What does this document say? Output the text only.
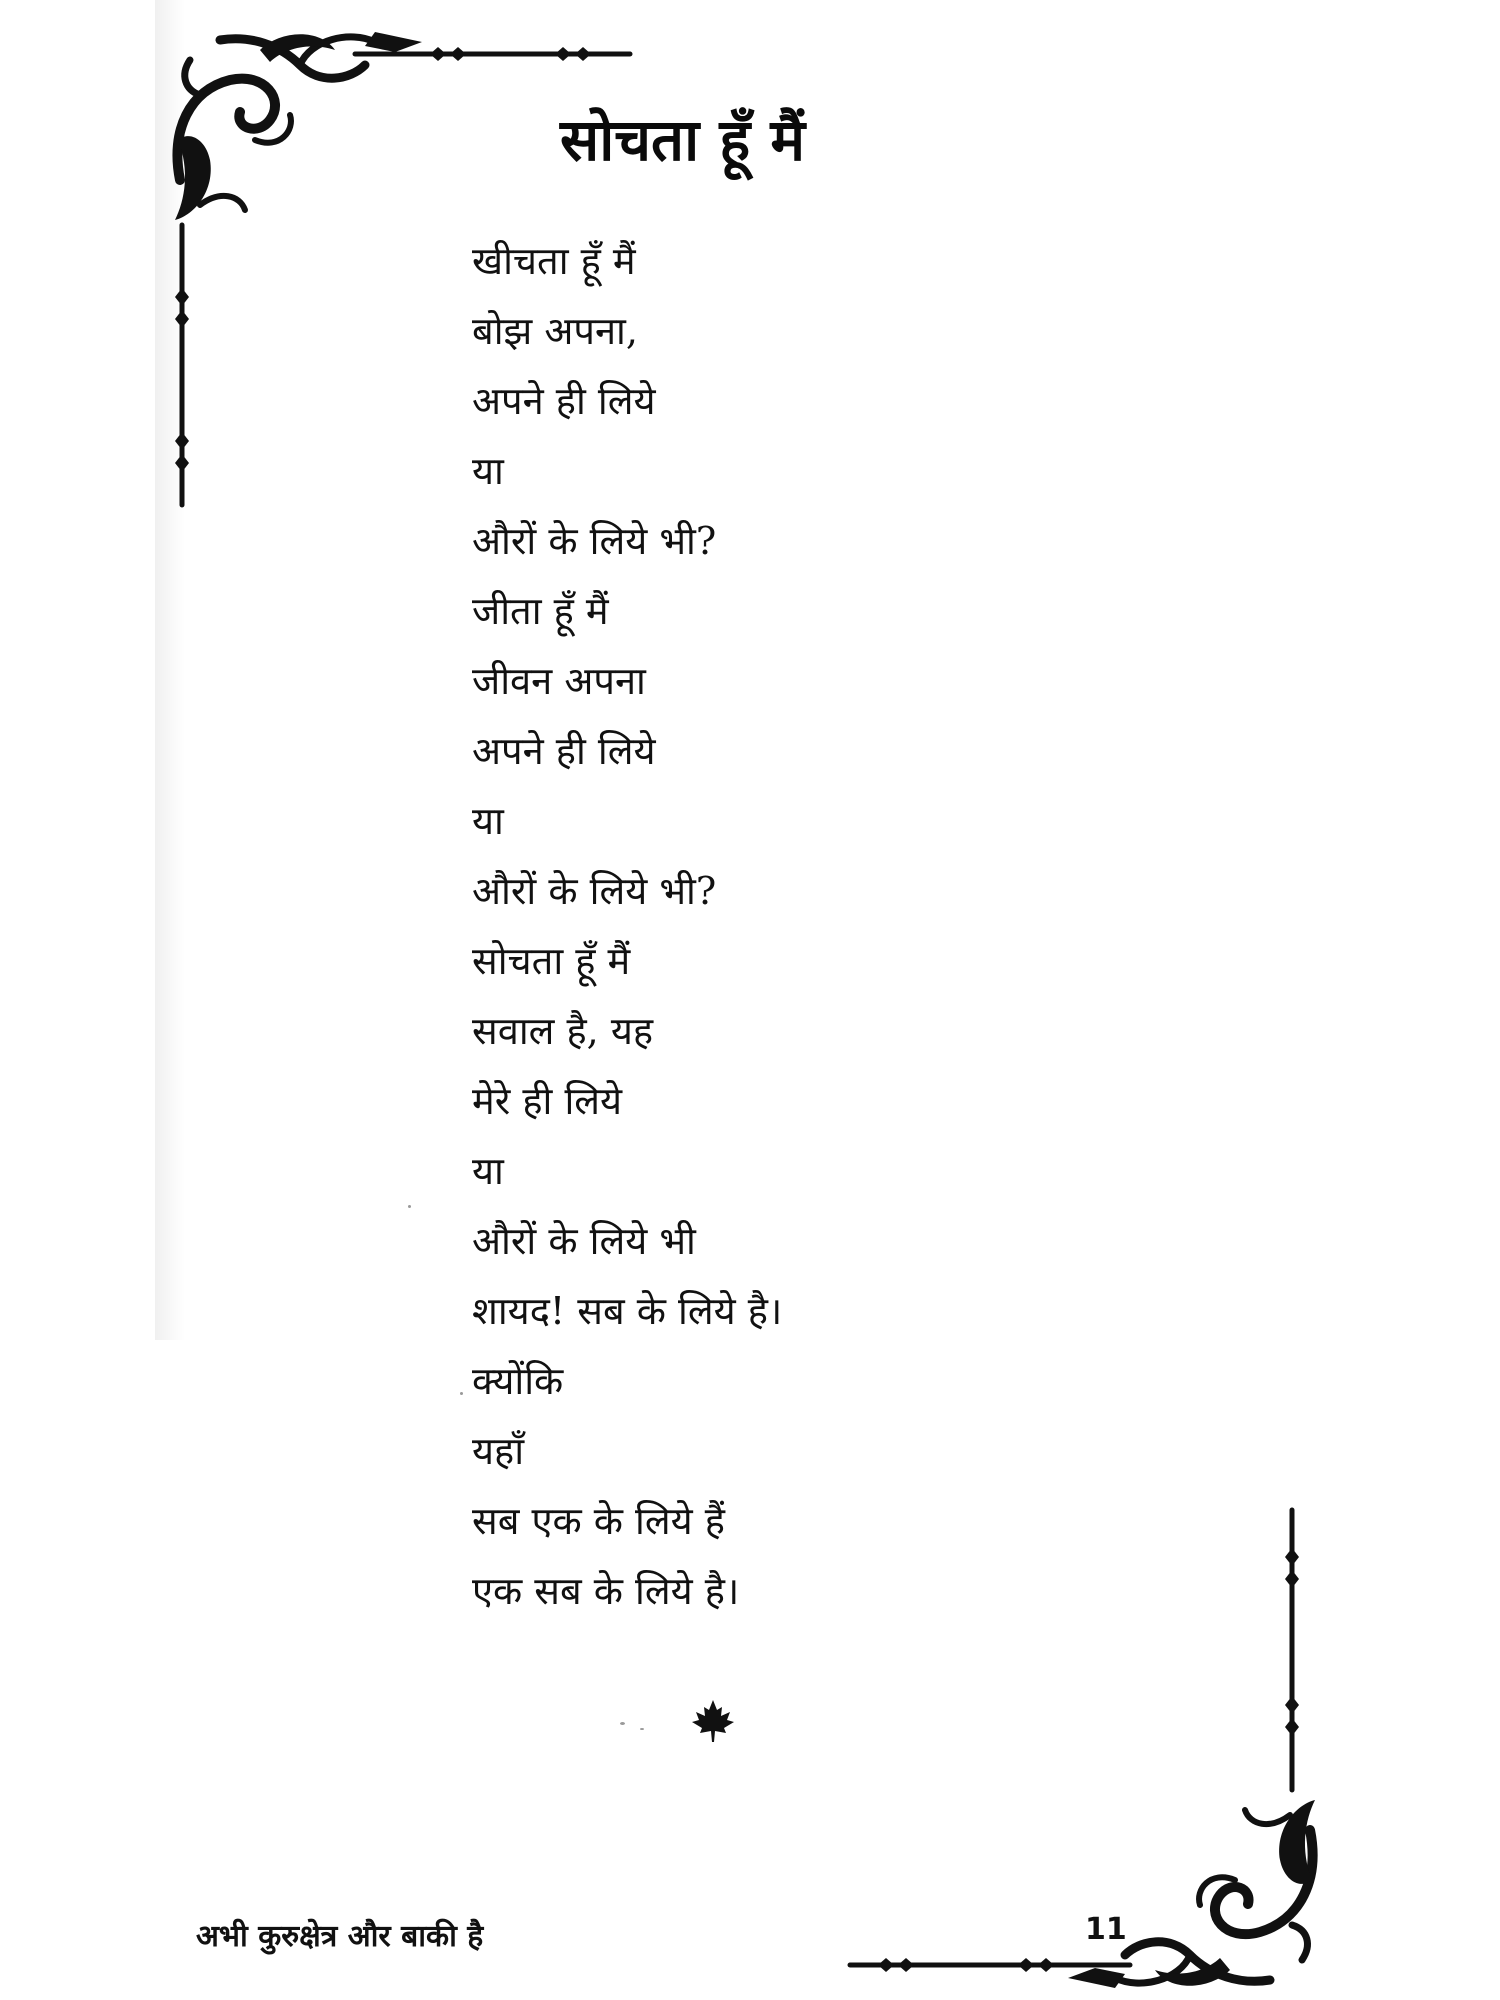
सोचता हूँ मैं
खीचता हूँ मैं
बोझ अपना,
अपने ही लिये
या
औरों के लिये भी?
जीता हूँ मैं
जीवन अपना
अपने ही लिये
या
औरों के लिये भी?
सोचता हूँ मैं
सवाल है, यह
मेरे ही लिये
या
औरों के लिये भी
शायद! सब के लिये है।
क्योंकि
यहाँ
सब एक के लिये हैं
एक सब के लिये है।
अभी कुरुक्षेत्र और बाकी है	11
